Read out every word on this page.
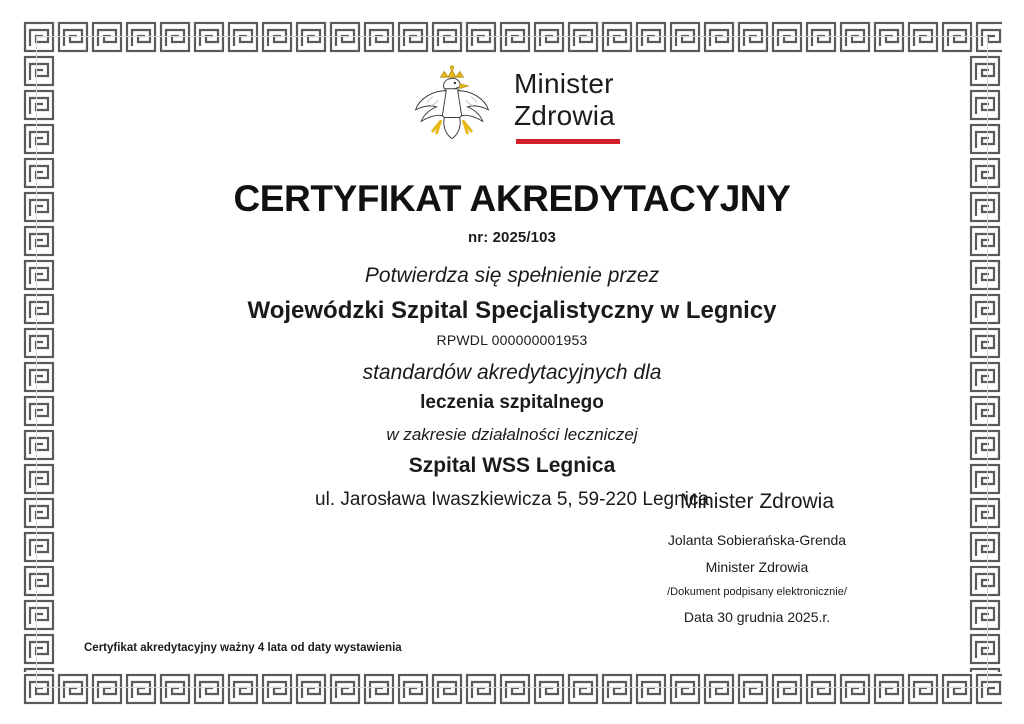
Minister
Zdrowia
CERTYFIKAT AKREDYTACYJNY
nr: 2025/103
Potwierdza się spełnienie przez
Wojewódzki Szpital Specjalistyczny w Legnicy
RPWDL 000000001953
standardów akredytacyjnych dla
leczenia szpitalnego
w zakresie działalności leczniczej
Szpital WSS Legnica
ul. Jarosława Iwaszkiewicza 5, 59-220 Legnica
Minister Zdrowia
Jolanta Sobierańska-Grenda
Minister Zdrowia
/Dokument podpisany elektronicznie/
Data 30 grudnia 2025.r.
Certyfikat akredytacyjny ważny 4 lata od daty wystawienia
